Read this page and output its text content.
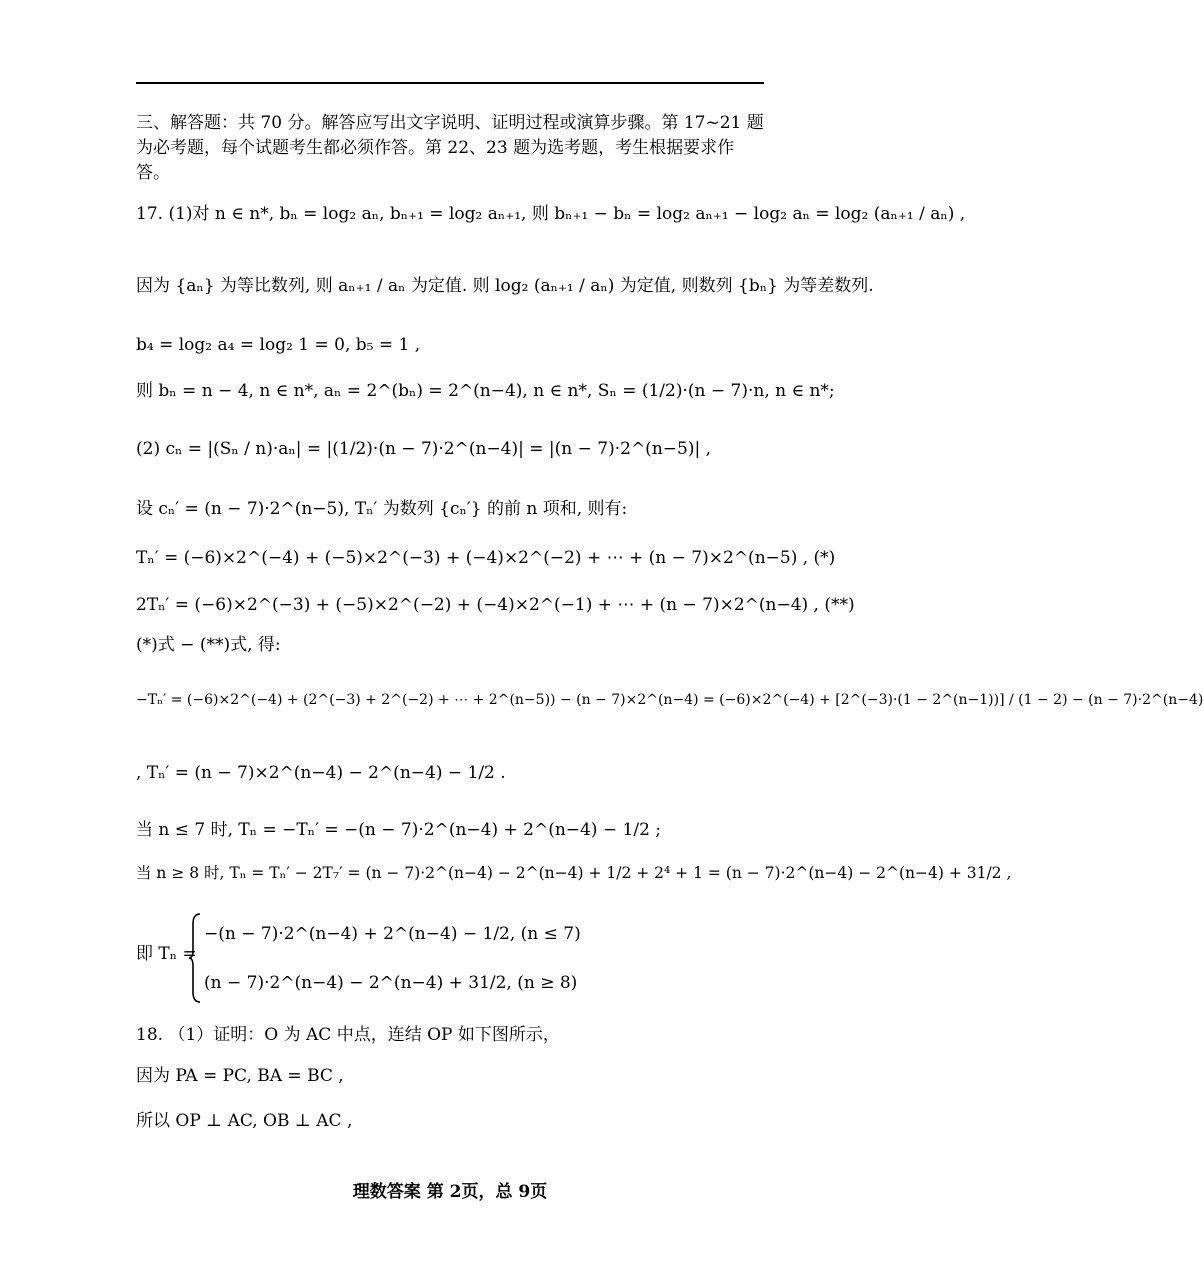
三、解答题：共 70 分。解答应写出文字说明、证明过程或演算步骤。第 17~21 题为必考题，每个试题考生都必须作答。第 22、23 题为选考题，考生根据要求作答。
17. (1)对 n ∈ n*, bₙ = log₂ aₙ, bₙ₊₁ = log₂ aₙ₊₁, 则 bₙ₊₁ − bₙ = log₂ aₙ₊₁ − log₂ aₙ = log₂ (aₙ₊₁ / aₙ) ,
因为 {aₙ} 为等比数列, 则 aₙ₊₁ / aₙ 为定值. 则 log₂ (aₙ₊₁ / aₙ) 为定值, 则数列 {bₙ} 为等差数列.
b₄ = log₂ a₄ = log₂ 1 = 0, b₅ = 1 ,
则 bₙ = n − 4, n ∈ n*, aₙ = 2^(bₙ) = 2^(n−4), n ∈ n*, Sₙ = (1/2)·(n − 7)·n, n ∈ n*;
(2) cₙ = |(Sₙ / n)·aₙ| = |(1/2)·(n − 7)·2^(n−4)| = |(n − 7)·2^(n−5)| ,
设 cₙ′ = (n − 7)·2^(n−5), Tₙ′ 为数列 {cₙ′} 的前 n 项和, 则有:
Tₙ′ = (−6)×2^(−4) + (−5)×2^(−3) + (−4)×2^(−2) + ⋯ + (n − 7)×2^(n−5) , (*)
2Tₙ′ = (−6)×2^(−3) + (−5)×2^(−2) + (−4)×2^(−1) + ⋯ + (n − 7)×2^(n−4) , (**)
(*)式 − (**)式, 得:
−Tₙ′ = (−6)×2^(−4) + (2^(−3) + 2^(−2) + ⋯ + 2^(n−5)) − (n − 7)×2^(n−4) = (−6)×2^(−4) + [2^(−3)·(1 − 2^(n−1))] / (1 − 2) − (n − 7)·2^(n−4)
, Tₙ′ = (n − 7)×2^(n−4) − 2^(n−4) − 1/2 .
当 n ≤ 7 时, Tₙ = −Tₙ′ = −(n − 7)·2^(n−4) + 2^(n−4) − 1/2 ;
当 n ≥ 8 时, Tₙ = Tₙ′ − 2T₇′ = (n − 7)·2^(n−4) − 2^(n−4) + 1/2 + 2⁴ + 1 = (n − 7)·2^(n−4) − 2^(n−4) + 31/2 ,
即 Tₙ =
−(n − 7)·2^(n−4) + 2^(n−4) − 1/2, (n ≤ 7)
(n − 7)·2^(n−4) − 2^(n−4) + 31/2, (n ≥ 8)
18. （1）证明：O 为 AC 中点，连结 OP 如下图所示，
因为 PA = PC, BA = BC ,
所以 OP ⊥ AC, OB ⊥ AC ,
理数答案 第 2页，总 9页
